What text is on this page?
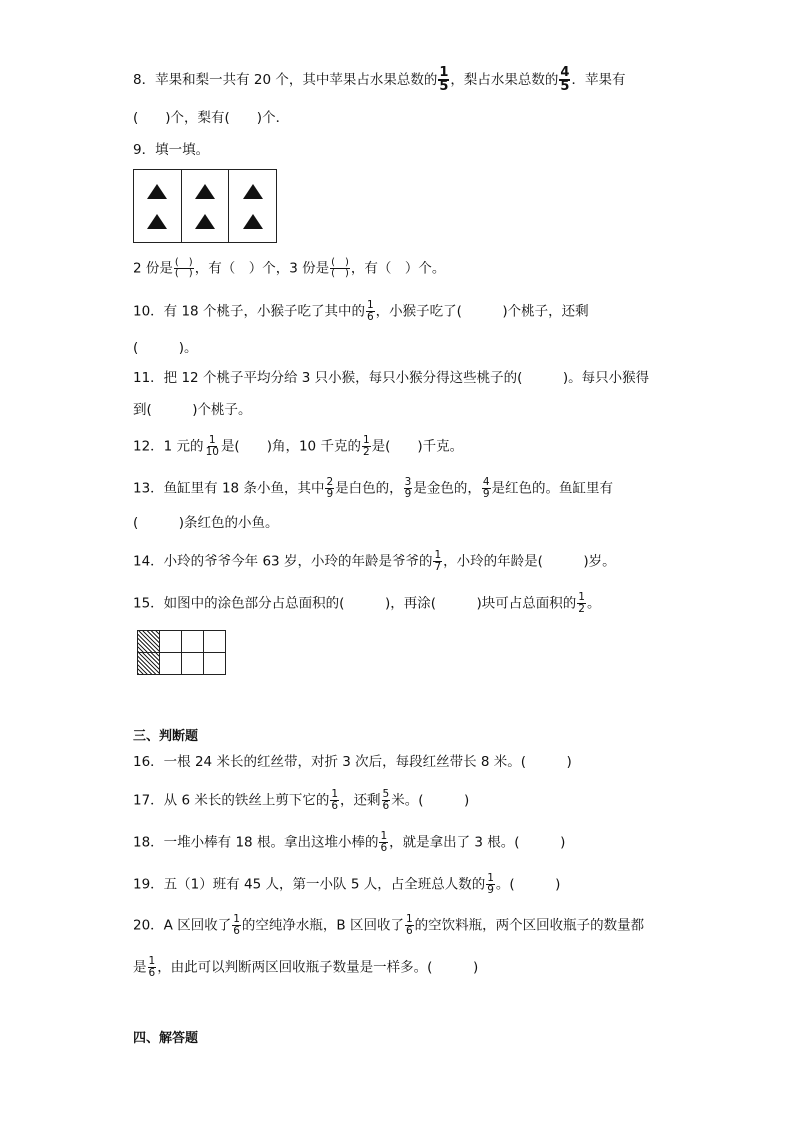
8．苹果和梨一共有 20 个，其中苹果占水果总数的 $\frac{1}{5}$ ，梨占水果总数的 $\frac{4}{5}$ ．苹果有
(　　)个，梨有(　　)个．
9．填一填。
2 份是 $\frac{( )}{( )}$ ，有（　）个，3 份是 $\frac{( )}{( )}$ ，有（　）个。
10．有 18 个桃子，小猴子吃了其中的 $\frac{1}{6}$ ，小猴子吃了(　　　)个桃子，还剩
(　　　)。
11．把 12 个桃子平均分给 3 只小猴，每只小猴分得这些桃子的(　　　)。每只小猴得
到(　　　)个桃子。
12．1 元的 $\frac{1}{10}$ 是(　　)角，10 千克的 $\frac{1}{2}$ 是(　　)千克。
13．鱼缸里有 18 条小鱼，其中 $\frac{2}{9}$ 是白色的， $\frac{3}{9}$ 是金色的， $\frac{4}{9}$ 是红色的。鱼缸里有
(　　　)条红色的小鱼。
14．小玲的爷爷今年 63 岁，小玲的年龄是爷爷的 $\frac{1}{7}$ ，小玲的年龄是(　　　)岁。
15．如图中的涂色部分占总面积的(　　　)，再涂(　　　)块可占总面积的 $\frac{1}{2}$ 。
三、判断题
16．一根 24 米长的红丝带，对折 3 次后，每段红丝带长 8 米。(　　　)
17．从 6 米长的铁丝上剪下它的 $\frac{1}{6}$ ，还剩 $\frac{5}{6}$ 米。(　　　)
18．一堆小棒有 18 根。拿出这堆小棒的 $\frac{1}{6}$ ，就是拿出了 3 根。(　　　)
19．五（1）班有 45 人，第一小队 5 人，占全班总人数的 $\frac{1}{9}$ 。(　　　)
20．A 区回收了 $\frac{1}{6}$ 的空纯净水瓶，B 区回收了 $\frac{1}{6}$ 的空饮料瓶，两个区回收瓶子的数量都
是 $\frac{1}{6}$ ，由此可以判断两区回收瓶子数量是一样多。(　　　)
四、解答题
